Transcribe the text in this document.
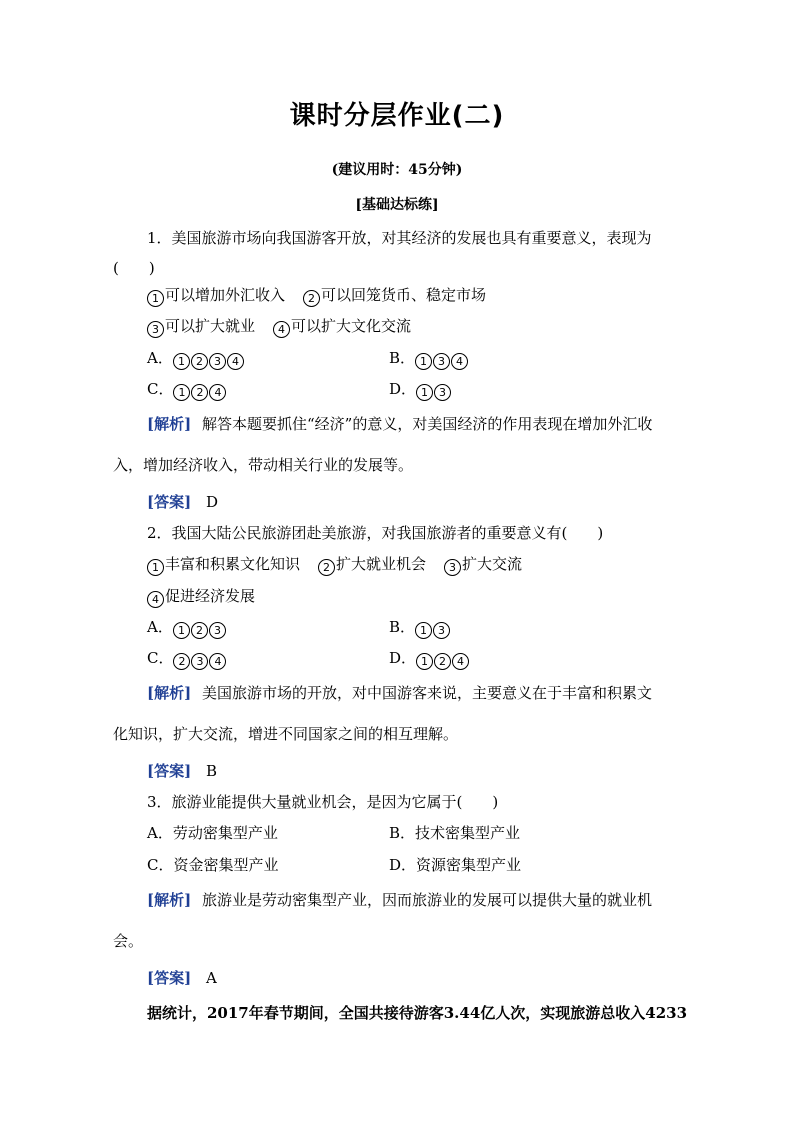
课时分层作业(二)
(建议用时：45分钟)
[基础达标练]
1．美国旅游市场向我国游客开放，对其经济的发展也具有重要意义，表现为
(　　)
1 可以增加外汇收入 2 可以回笼货币、稳定市场
3 可以扩大就业 4 可以扩大文化交流
A． 1 2 3 4	B． 1 3 4
C． 1 2 4	D． 1 3
[解析] 解答本题要抓住“经济”的意义，对美国经济的作用表现在增加外汇收
入，增加经济收入，带动相关行业的发展等。
[答案] D
2．我国大陆公民旅游团赴美旅游，对我国旅游者的重要意义有(　　)
1 丰富和积累文化知识 2 扩大就业机会 3 扩大交流
4 促进经济发展
A． 1 2 3	B． 1 3
C． 2 3 4	D． 1 2 4
[解析] 美国旅游市场的开放，对中国游客来说，主要意义在于丰富和积累文
化知识，扩大交流，增进不同国家之间的相互理解。
[答案] B
3．旅游业能提供大量就业机会，是因为它属于(　　)
A．劳动密集型产业	B．技术密集型产业
C．资金密集型产业	D．资源密集型产业
[解析] 旅游业是劳动密集型产业，因而旅游业的发展可以提供大量的就业机
会。
[答案] A
据统计，2017年春节期间，全国共接待游客3.44亿人次，实现旅游总收入4233
